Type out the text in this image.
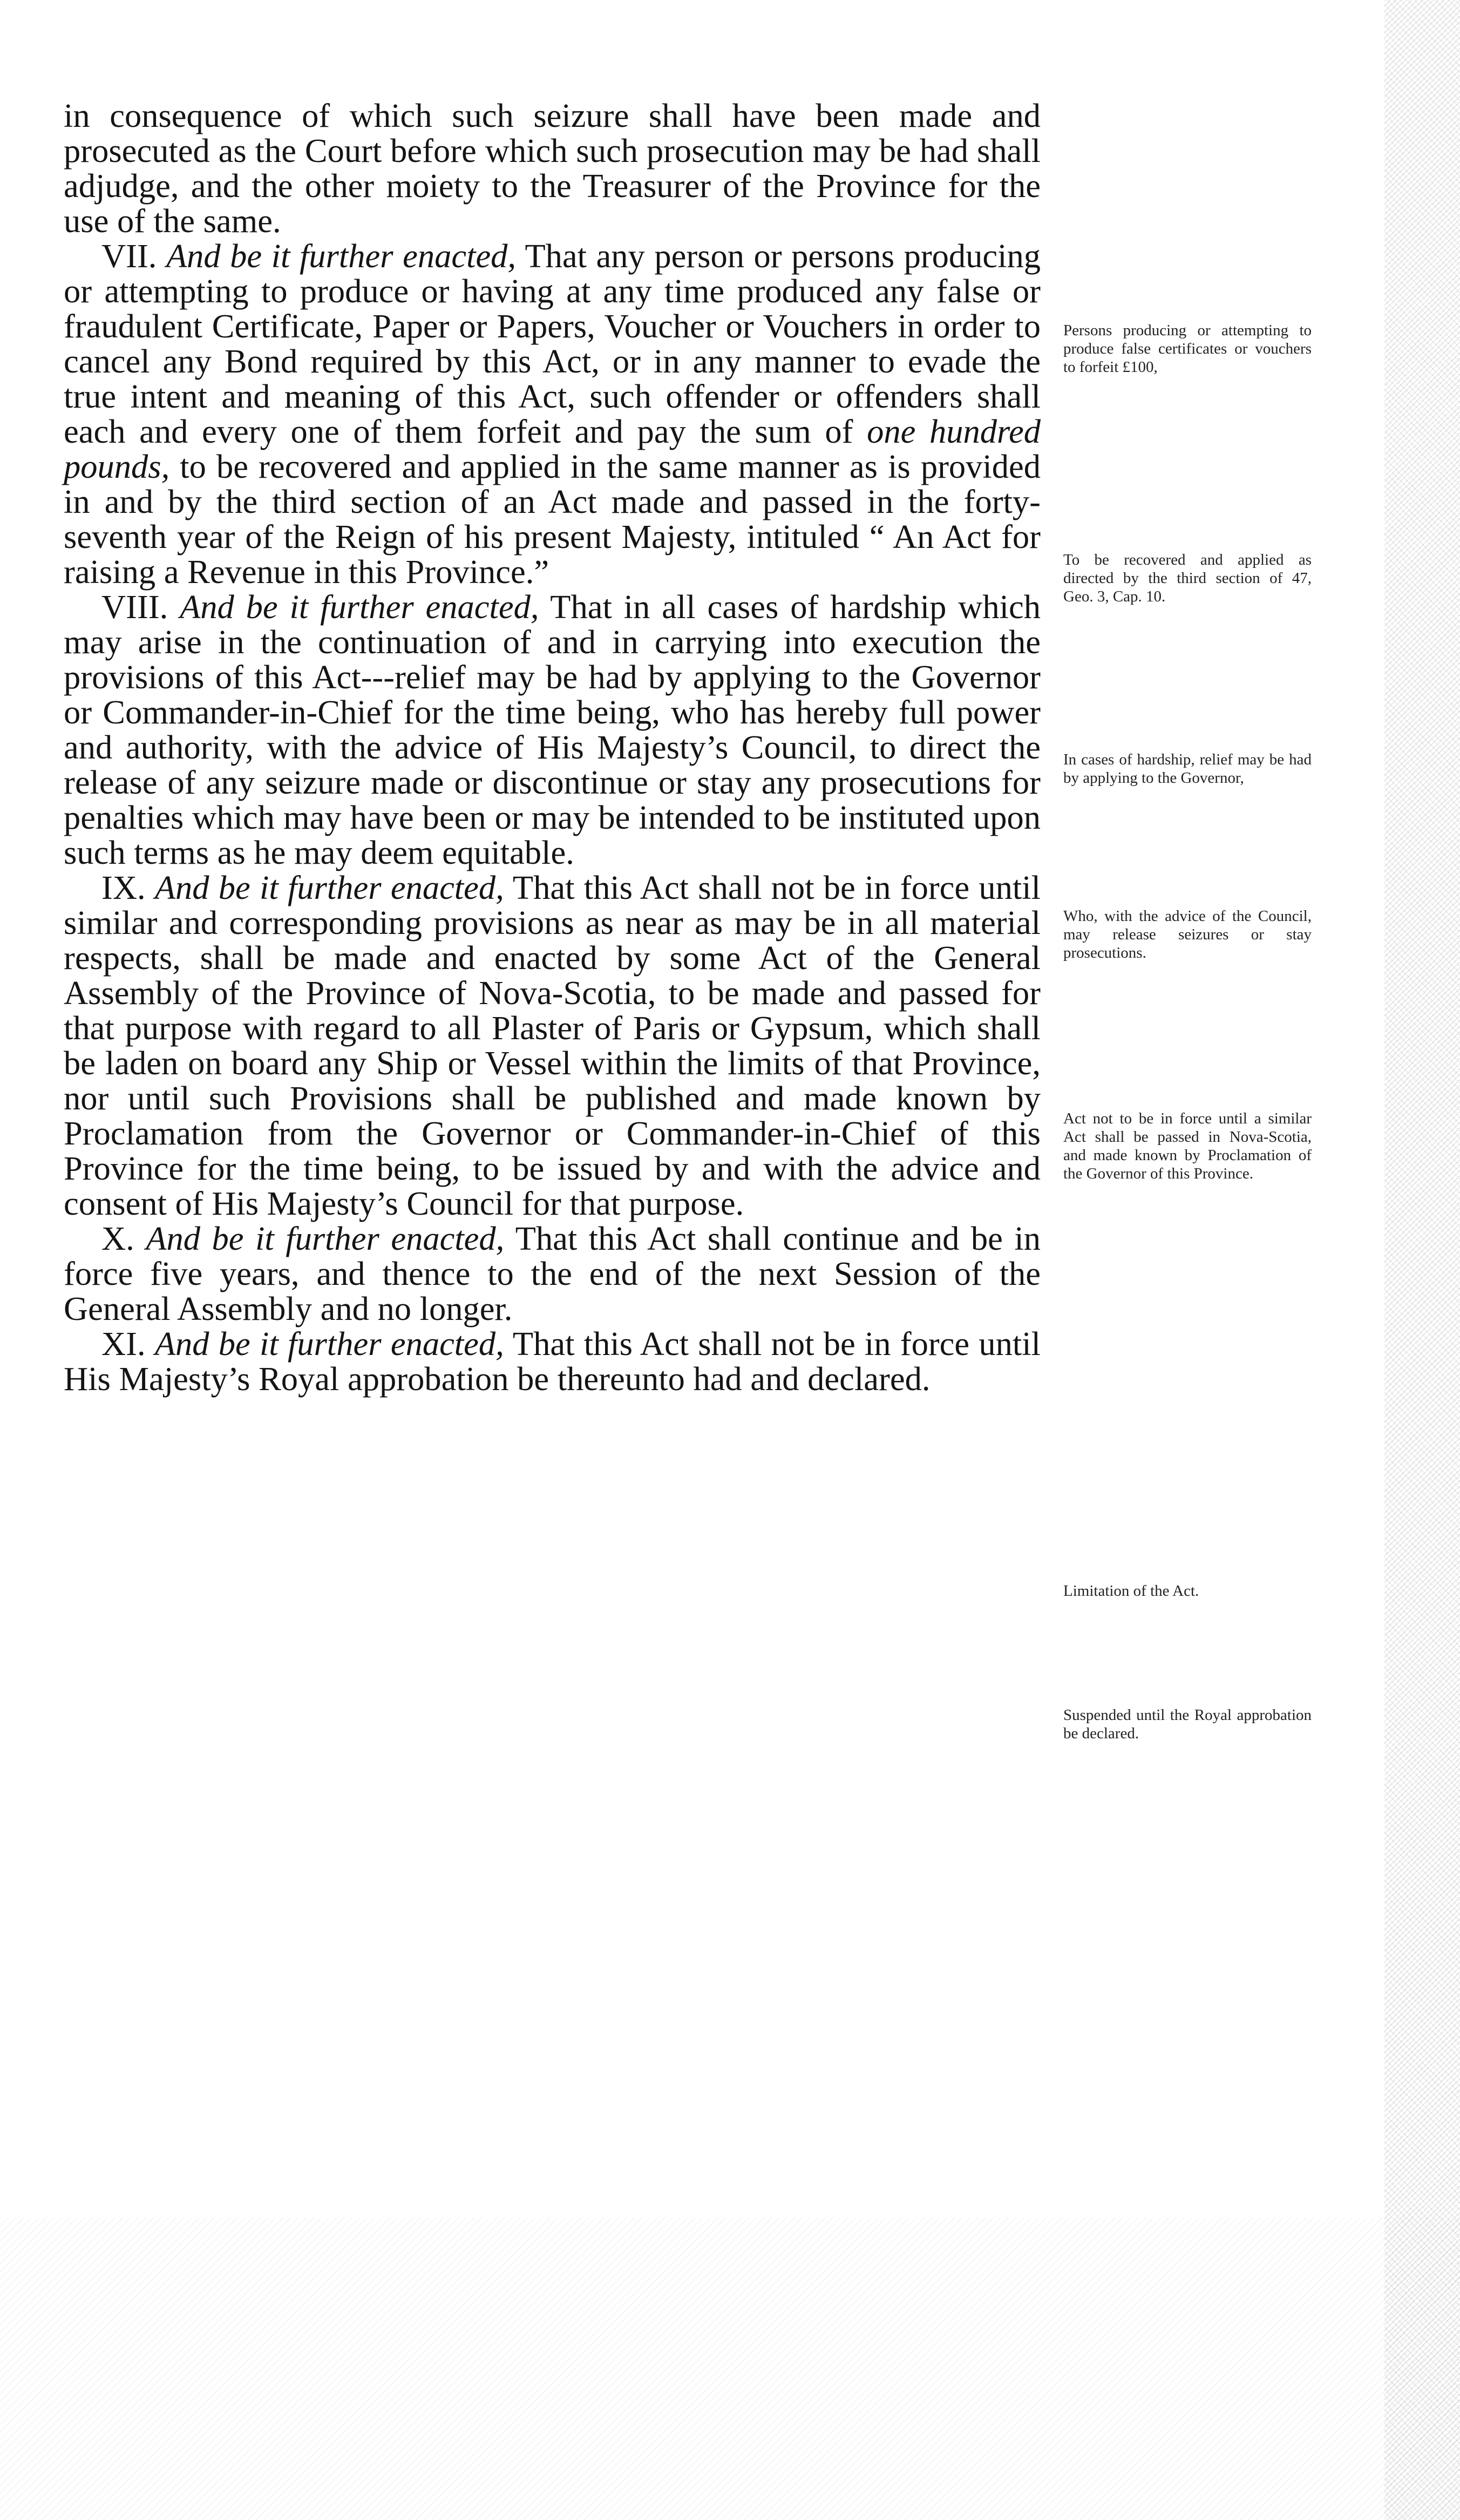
in consequence of which such seizure shall have been made and prosecuted as the Court before which such prosecution may be had shall adjudge, and the other moiety to the Treasurer of the Province for the use of the same.

VII. And be it further enacted, That any person or persons producing or attempting to produce or having at any time produced any false or fraudulent Certificate, Paper or Papers, Voucher or Vouchers in order to cancel any Bond required by this Act, or in any manner to evade the true intent and meaning of this Act, such offender or offenders shall each and every one of them forfeit and pay the sum of one hundred pounds, to be recovered and applied in the same manner as is provided in and by the third section of an Act made and passed in the forty-seventh year of the Reign of his present Majesty, intituled “ An Act for raising a Revenue in this Province.”

VIII. And be it further enacted, That in all cases of hardship which may arise in the continuation of and in carrying into execution the provisions of this Act---relief may be had by applying to the Governor or Commander-in-Chief for the time being, who has hereby full power and authority, with the advice of His Majesty’s Council, to direct the release of any seizure made or discontinue or stay any prosecutions for penalties which may have been or may be intended to be instituted upon such terms as he may deem equitable.

IX. And be it further enacted, That this Act shall not be in force until similar and corresponding provisions as near as may be in all material respects, shall be made and enacted by some Act of the General Assembly of the Province of Nova-Scotia, to be made and passed for that purpose with regard to all Plaster of Paris or Gypsum, which shall be laden on board any Ship or Vessel within the limits of that Province, nor until such Provisions shall be published and made known by Proclamation from the Governor or Commander-in-Chief of this Province for the time being, to be issued by and with the advice and consent of His Majesty’s Council for that purpose.

X. And be it further enacted, That this Act shall continue and be in force five years, and thence to the end of the next Session of the General Assembly and no longer.

XI. And be it further enacted, That this Act shall not be in force until His Majesty’s Royal approbation be thereunto had and declared.

Persons producing or attempting to produce false certificates or vouchers to forfeit £100,
To be recovered and applied as directed by the third section of 47, Geo. 3, Cap. 10.
In cases of hardship, relief may be had by applying to the Governor,
Who, with the advice of the Council, may release seizures or stay prosecutions.
Act not to be in force until a similar Act shall be passed in Nova-Scotia, and made known by Proclamation of the Governor of this Province.
Limitation of the Act.
Suspended until the Royal approbation be declared.
